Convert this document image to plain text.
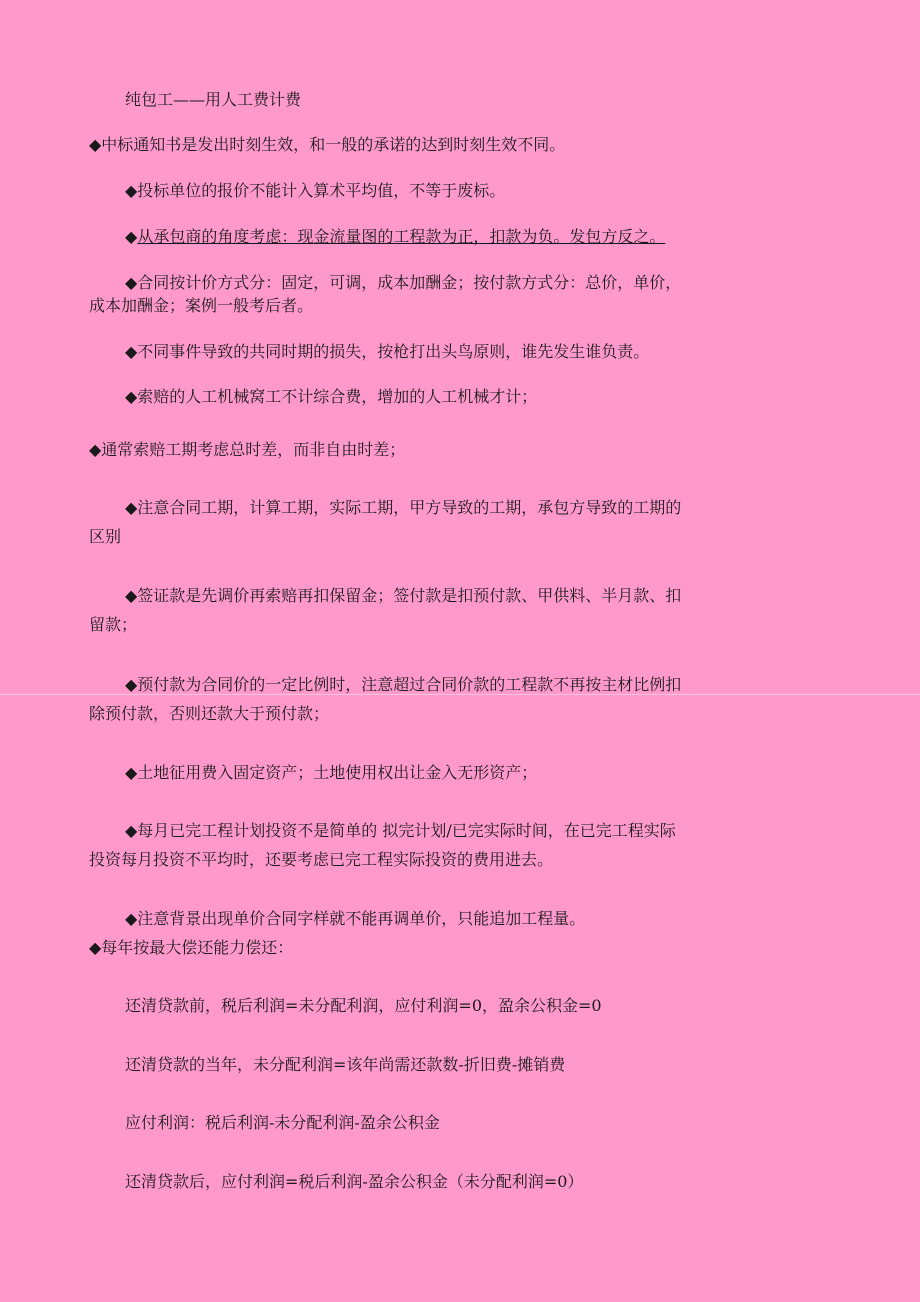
纯包工——用人工费计费
◆中标通知书是发出时刻生效，和一般的承诺的达到时刻生效不同。
◆投标单位的报价不能计入算术平均值，不等于废标。
◆从承包商的角度考虑：现金流量图的工程款为正，扣款为负。发包方反之。
◆合同按计价方式分：固定，可调，成本加酬金；按付款方式分：总价，单价，
成本加酬金；案例一般考后者。
◆不同事件导致的共同时期的损失，按枪打出头鸟原则，谁先发生谁负责。
◆索赔的人工机械窝工不计综合费，增加的人工机械才计；
◆通常索赔工期考虑总时差，而非自由时差；
◆注意合同工期，计算工期，实际工期，甲方导致的工期，承包方导致的工期的
区别
◆签证款是先调价再索赔再扣保留金；签付款是扣预付款、甲供料、半月款、扣
留款；
◆预付款为合同价的一定比例时，注意超过合同价款的工程款不再按主材比例扣
除预付款，否则还款大于预付款；
◆土地征用费入固定资产；土地使用权出让金入无形资产；
◆每月已完工程计划投资不是简单的 拟完计划/已完实际时间，在已完工程实际
投资每月投资不平均时，还要考虑已完工程实际投资的费用进去。
◆注意背景出现单价合同字样就不能再调单价，只能追加工程量。
◆每年按最大偿还能力偿还：
还清贷款前，税后利润=未分配利润，应付利润=0，盈余公积金=0
还清贷款的当年，未分配利润=该年尚需还款数-折旧费-摊销费
应付利润：税后利润-未分配利润-盈余公积金
还清贷款后，应付利润=税后利润-盈余公积金（未分配利润=0）
